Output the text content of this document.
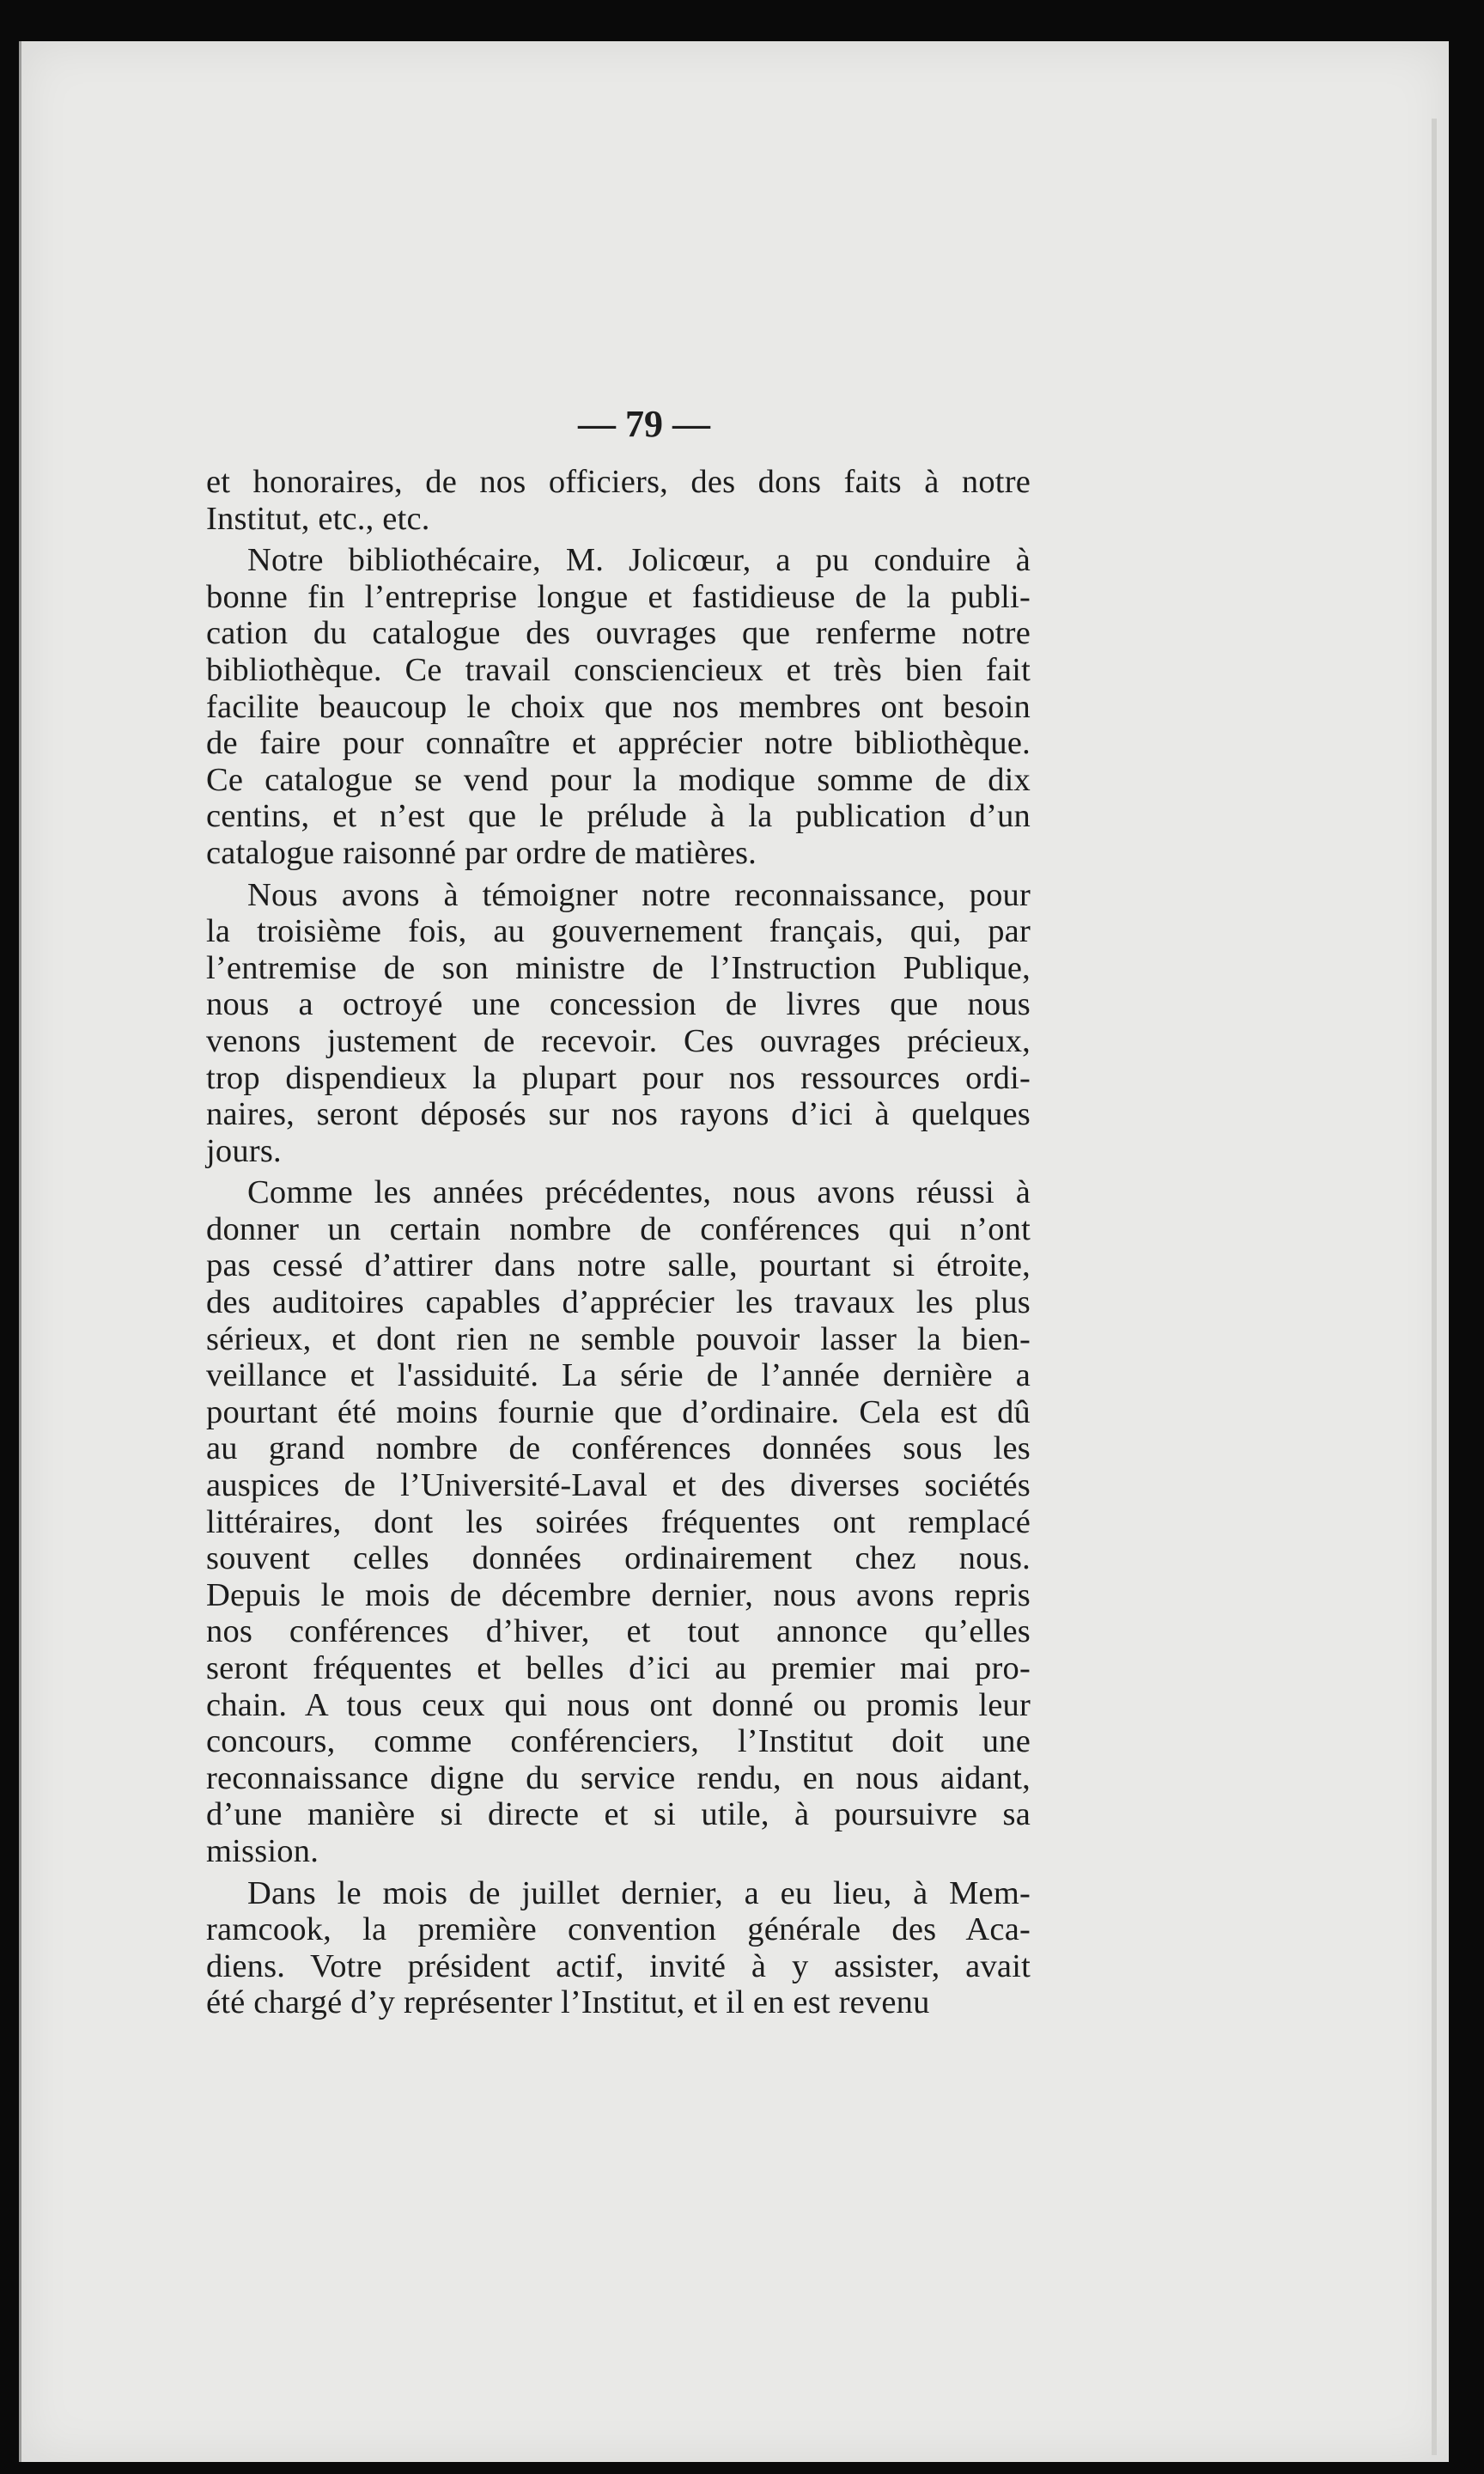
— 79 —
et honoraires, de nos officiers, des dons faits à notre
Institut, etc., etc.
Notre bibliothécaire, M. Jolicœur, a pu conduire à
bonne fin l’entreprise longue et fastidieuse de la publi-
cation du catalogue des ouvrages que renferme notre
bibliothèque. Ce travail consciencieux et très bien fait
facilite beaucoup le choix que nos membres ont besoin
de faire pour connaître et apprécier notre bibliothèque.
Ce catalogue se vend pour la modique somme de dix
centins, et n’est que le prélude à la publication d’un
catalogue raisonné par ordre de matières.
Nous avons à témoigner notre reconnaissance, pour
la troisième fois, au gouvernement français, qui, par
l’entremise de son ministre de l’Instruction Publique,
nous a octroyé une concession de livres que nous
venons justement de recevoir. Ces ouvrages précieux,
trop dispendieux la plupart pour nos ressources ordi-
naires, seront déposés sur nos rayons d’ici à quelques
jours.
Comme les années précédentes, nous avons réussi à
donner un certain nombre de conférences qui n’ont
pas cessé d’attirer dans notre salle, pourtant si étroite,
des auditoires capables d’apprécier les travaux les plus
sérieux, et dont rien ne semble pouvoir lasser la bien-
veillance et l'assiduité. La série de l’année dernière a
pourtant été moins fournie que d’ordinaire. Cela est dû
au grand nombre de conférences données sous les
auspices de l’Université-Laval et des diverses sociétés
littéraires, dont les soirées fréquentes ont remplacé
souvent celles données ordinairement chez nous.
Depuis le mois de décembre dernier, nous avons repris
nos conférences d’hiver, et tout annonce qu’elles
seront fréquentes et belles d’ici au premier mai pro-
chain. A tous ceux qui nous ont donné ou promis leur
concours, comme conférenciers, l’Institut doit une
reconnaissance digne du service rendu, en nous aidant,
d’une manière si directe et si utile, à poursuivre sa
mission.
Dans le mois de juillet dernier, a eu lieu, à Mem-
ramcook, la première convention générale des Aca-
diens. Votre président actif, invité à y assister, avait
été chargé d’y représenter l’Institut, et il en est revenu
